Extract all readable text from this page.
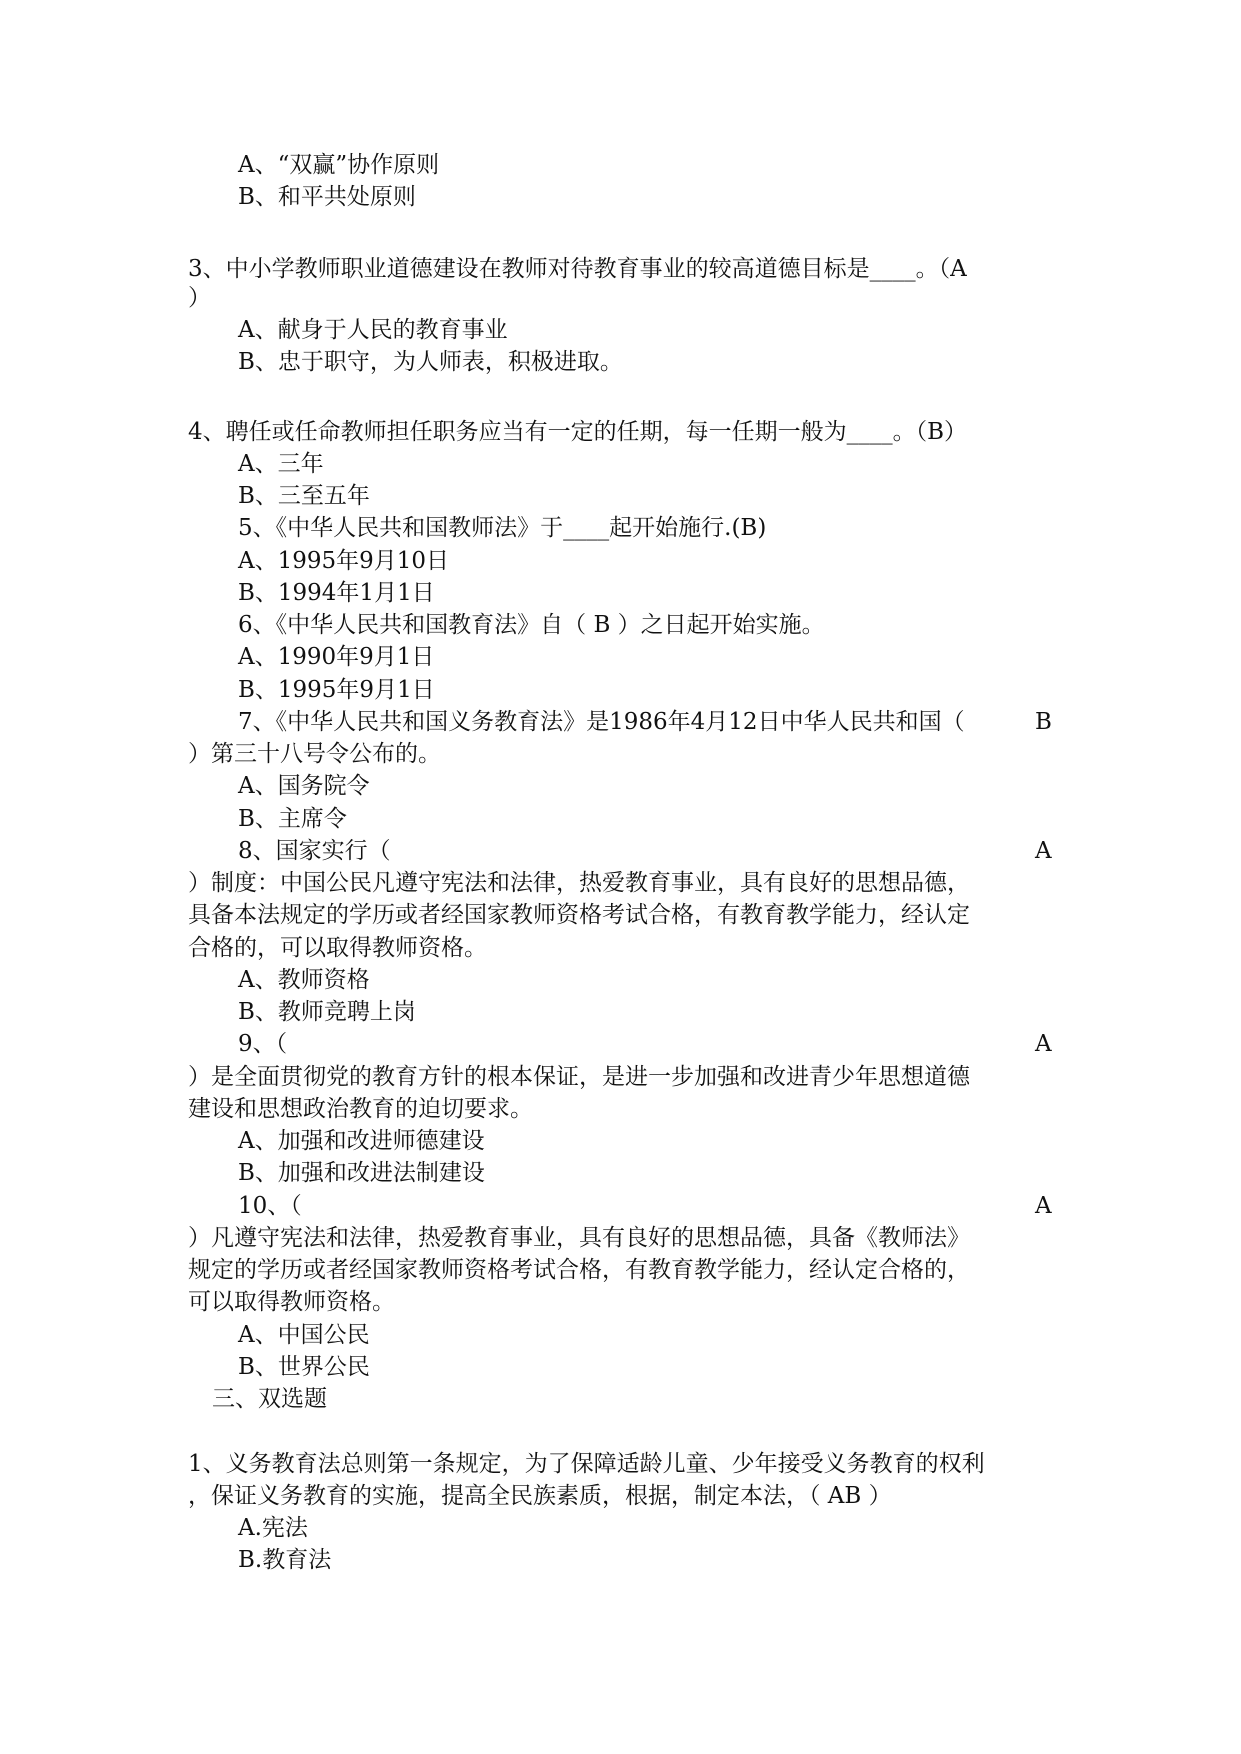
A、“双赢”协作原则
B、和平共处原则
3、中小学教师职业道德建设在教师对待教育事业的较高道德目标是____。（A
）
A、献身于人民的教育事业
B、忠于职守，为人师表，积极进取。
4、聘任或任命教师担任职务应当有一定的任期，每一任期一般为____。（B）
A、三年
B、三至五年
5、《中华人民共和国教师法》于____起开始施行.(B)
A、1995年9月10日
B、1994年1月1日
6、《中华人民共和国教育法》自（ B ）之日起开始实施。
A、1990年9月1日
B、1995年9月1日
7、《中华人民共和国义务教育法》是1986年4月12日中华人民共和国（	B
）第三十八号令公布的。
A、国务院令
B、主席令
8、国家实行（	A
）制度：中国公民凡遵守宪法和法律，热爱教育事业，具有良好的思想品德，
具备本法规定的学历或者经国家教师资格考试合格，有教育教学能力，经认定
合格的，可以取得教师资格。
A、教师资格
B、教师竞聘上岗
9、（	A
）是全面贯彻党的教育方针的根本保证，是进一步加强和改进青少年思想道德
建设和思想政治教育的迫切要求。
A、加强和改进师德建设
B、加强和改进法制建设
10、（	A
）凡遵守宪法和法律，热爱教育事业，具有良好的思想品德，具备《教师法》
规定的学历或者经国家教师资格考试合格，有教育教学能力，经认定合格的，
可以取得教师资格。
A、中国公民
B、世界公民
三、双选题
1、义务教育法总则第一条规定，为了保障适龄儿童、少年接受义务教育的权利
，保证义务教育的实施，提高全民族素质，根据，制定本法，（ AB ）
A.宪法
B.教育法
